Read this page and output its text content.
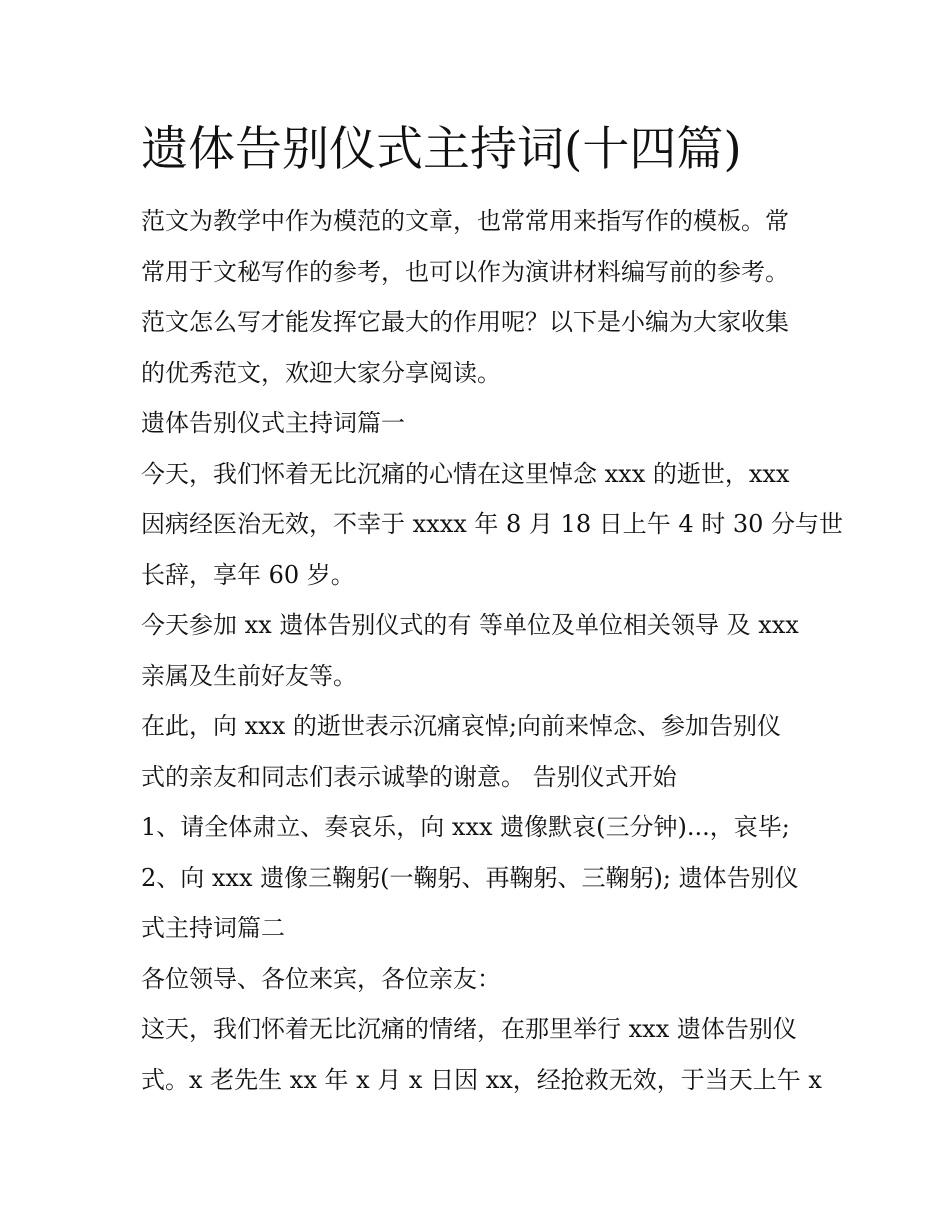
遗体告别仪式主持词(十四篇)
范文为教学中作为模范的文章，也常常用来指写作的模板。常
常用于文秘写作的参考，也可以作为演讲材料编写前的参考。
范文怎么写才能发挥它最大的作用呢？以下是小编为大家收集
的优秀范文，欢迎大家分享阅读。
遗体告别仪式主持词篇一
今天，我们怀着无比沉痛的心情在这里悼念 xxx 的逝世，xxx
因病经医治无效，不幸于 xxxx 年 8 月 18 日上午 4 时 30 分与世
长辞，享年 60 岁。
今天参加 xx 遗体告别仪式的有 等单位及单位相关领导 及 xxx
亲属及生前好友等。
在此，向 xxx 的逝世表示沉痛哀悼;向前来悼念、参加告别仪
式的亲友和同志们表示诚挚的谢意。 告别仪式开始
1、请全体肃立、奏哀乐，向 xxx 遗像默哀(三分钟)...，哀毕;
2、向 xxx 遗像三鞠躬(一鞠躬、再鞠躬、三鞠躬); 遗体告别仪
式主持词篇二
各位领导、各位来宾，各位亲友：
这天，我们怀着无比沉痛的情绪，在那里举行 xxx 遗体告别仪
式。x 老先生 xx 年 x 月 x 日因 xx，经抢救无效，于当天上午 x
